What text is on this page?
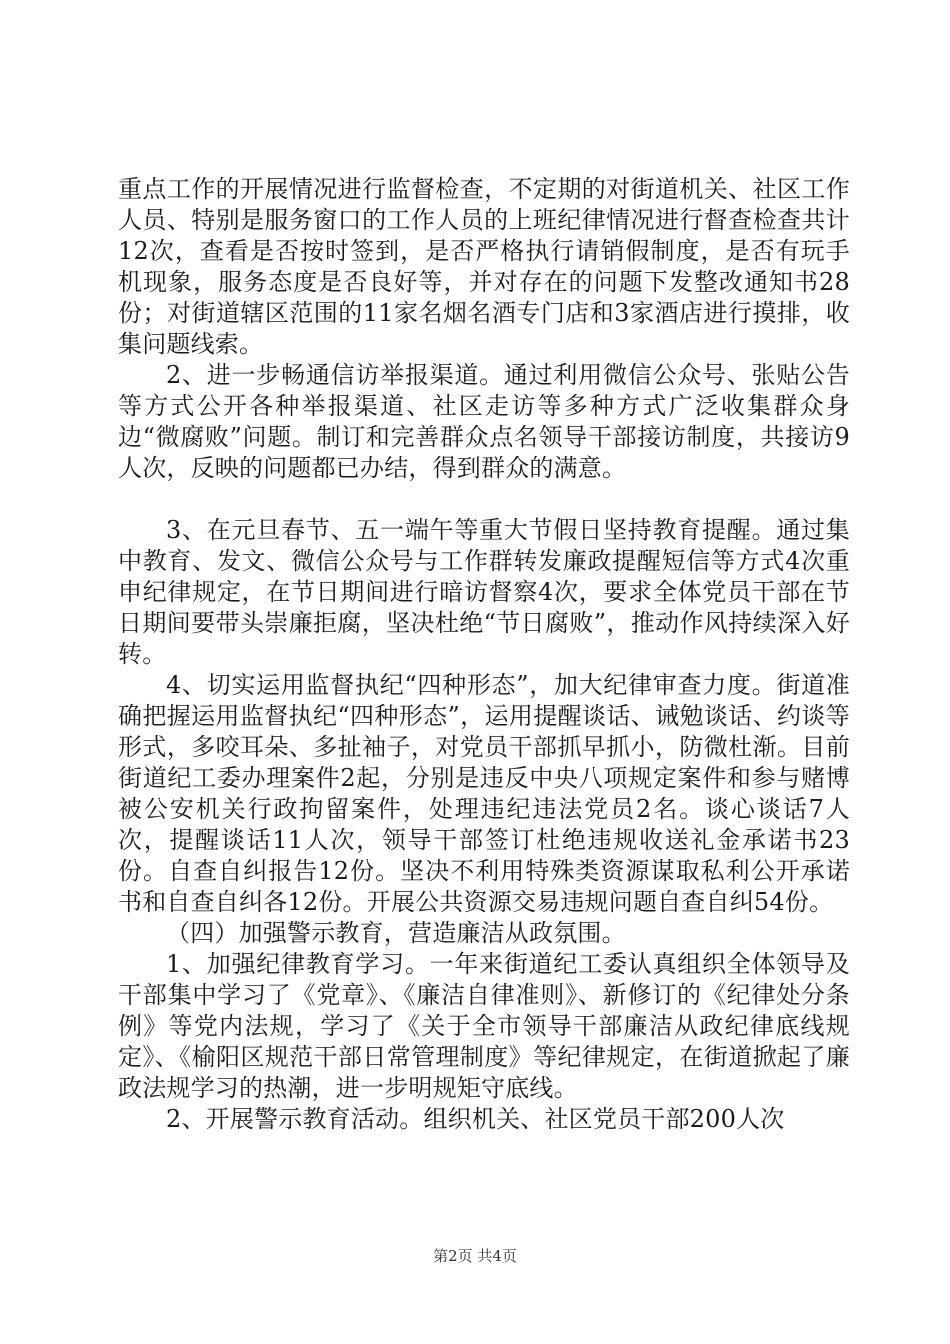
重点工作的开展情况进行监督检查，不定期的对街道机关、社区工作人员、特别是服务窗口的工作人员的上班纪律情况进行督查检查共计12次，查看是否按时签到，是否严格执行请销假制度，是否有玩手机现象，服务态度是否良好等，并对存在的问题下发整改通知书28份；对街道辖区范围的11家名烟名酒专门店和3家酒店进行摸排，收集问题线索。

2、进一步畅通信访举报渠道。通过利用微信公众号、张贴公告等方式公开各种举报渠道、社区走访等多种方式广泛收集群众身边“微腐败”问题。制订和完善群众点名领导干部接访制度，共接访9人次，反映的问题都已办结，得到群众的满意。

3、在元旦春节、五一端午等重大节假日坚持教育提醒。通过集中教育、发文、微信公众号与工作群转发廉政提醒短信等方式4次重申纪律规定，在节日期间进行暗访督察4次，要求全体党员干部在节日期间要带头崇廉拒腐，坚决杜绝“节日腐败”，推动作风持续深入好转。

4、切实运用监督执纪“四种形态”，加大纪律审查力度。街道准确把握运用监督执纪“四种形态”，运用提醒谈话、诫勉谈话、约谈等形式，多咬耳朵、多扯袖子，对党员干部抓早抓小，防微杜渐。目前街道纪工委办理案件2起，分别是违反中央八项规定案件和参与赌博被公安机关行政拘留案件，处理违纪违法党员2名。谈心谈话7人次，提醒谈话11人次，领导干部签订杜绝违规收送礼金承诺书23份。自查自纠报告12份。坚决不利用特殊类资源谋取私利公开承诺书和自查自纠各12份。开展公共资源交易违规问题自查自纠54份。

（四）加强警示教育，营造廉洁从政氛围。

1、加强纪律教育学习。一年来街道纪工委认真组织全体领导及干部集中学习了《党章》、《廉洁自律准则》、新修订的《纪律处分条例》等党内法规，学习了《关于全市领导干部廉洁从政纪律底线规定》、《榆阳区规范干部日常管理制度》等纪律规定，在街道掀起了廉政法规学习的热潮，进一步明规矩守底线。

2、开展警示教育活动。组织机关、社区党员干部200人次

第2页 共4页
